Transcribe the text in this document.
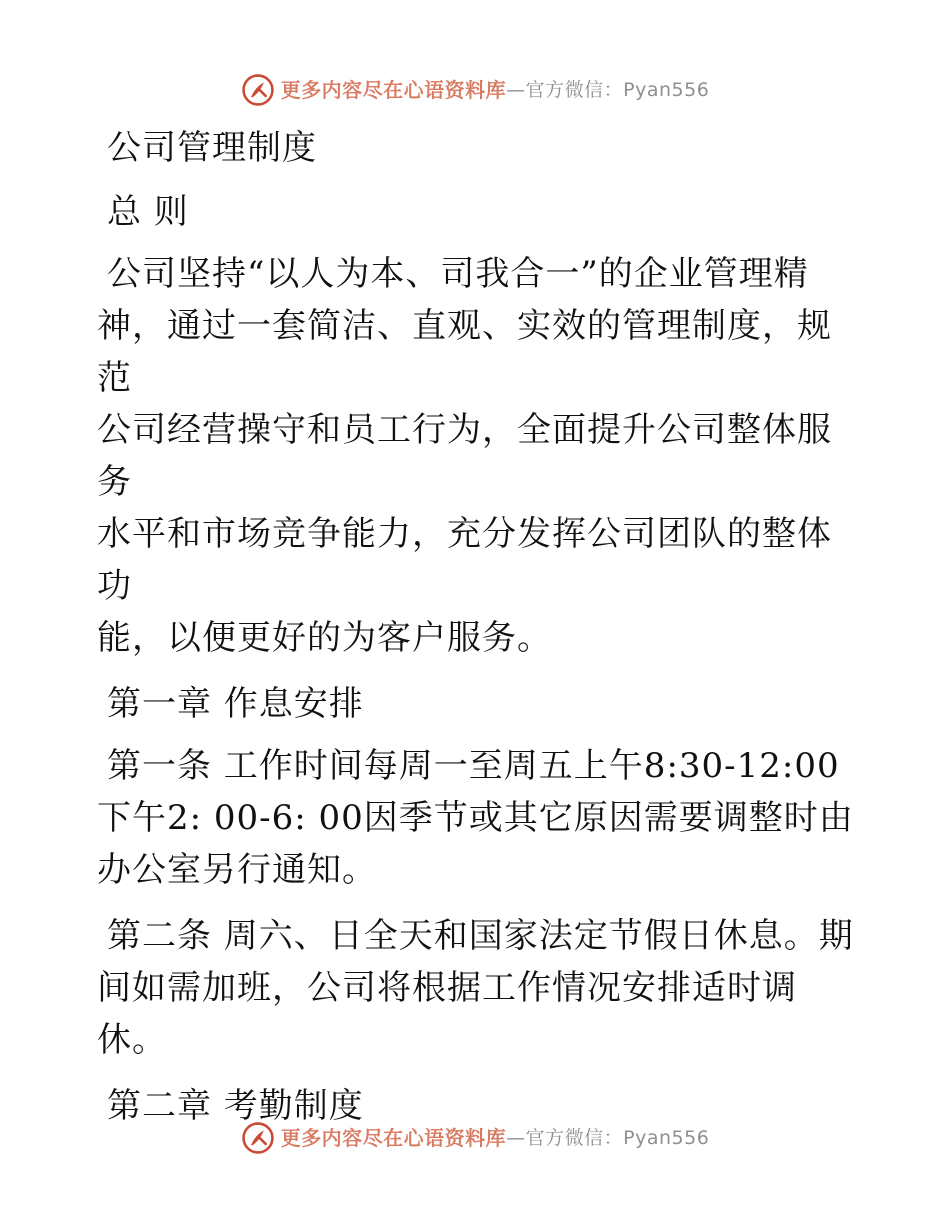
更多内容尽在心语资料库 — 官方微信：Pyan556
公司管理制度
总 则
公司坚持“以人为本、司我合一”的企业管理精
神，通过一套简洁、直观、实效的管理制度，规范
公司经营操守和员工行为，全面提升公司整体服务
水平和市场竞争能力，充分发挥公司团队的整体功
能，以便更好的为客户服务。
第一章 作息安排
第一条 工作时间每周一至周五上午8:30-12:00
下午2: 00-6: 00因季节或其它原因需要调整时由
办公室另行通知。
第二条 周六、日全天和国家法定节假日休息。期
间如需加班，公司将根据工作情况安排适时调休。
第二章 考勤制度
更多内容尽在心语资料库 — 官方微信：Pyan556
